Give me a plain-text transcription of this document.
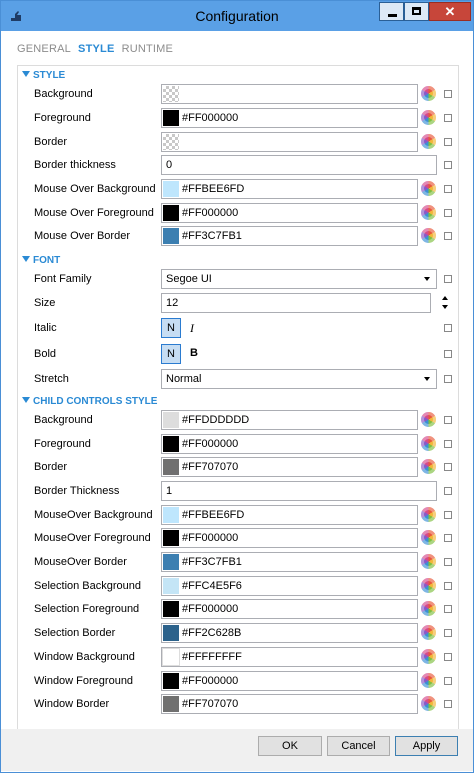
Configuration	✕
GENERAL STYLE RUNTIME
STYLE
Background
Foreground	#FF000000
Border
Border thickness	0
Mouse Over Background #FFBEE6FD
Mouse Over Foreground	#FF000000
Mouse Over Border	#FF3C7FB1
FONT
Font Family	Segoe UI
Size	12
Italic	N	I
Bold	N	B
Stretch	Normal
CHILD CONTROLS STYLE
Background	#FFDDDDDD
Foreground	#FF000000
Border	#FF707070
Border Thickness	1
MouseOver Background	#FFBEE6FD
MouseOver Foreground	#FF000000
MouseOver Border	#FF3C7FB1
Selection Background	#FFC4E5F6
Selection Foreground	#FF000000
Selection Border	#FF2C628B
Window Background	#FFFFFFFF
Window Foreground	#FF000000
Window Border	#FF707070
OK	Cancel	Apply
